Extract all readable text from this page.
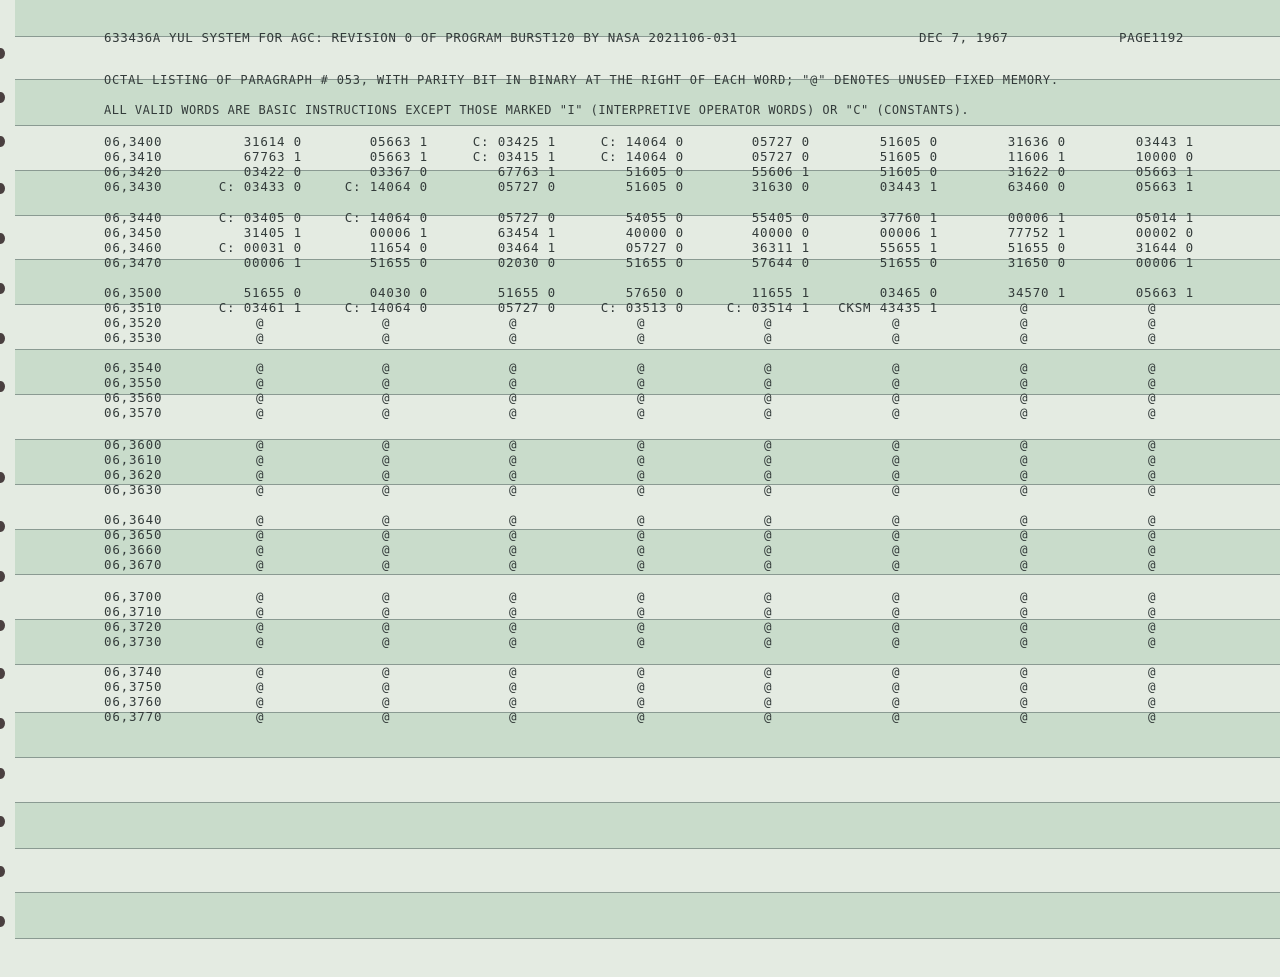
633436A YUL SYSTEM FOR AGC: REVISION 0 OF PROGRAM BURST120 BY NASA 2021106-031	DEC 7, 1967	PAGE1192
OCTAL LISTING OF PARAGRAPH # 053, WITH PARITY BIT IN BINARY AT THE RIGHT OF EACH WORD; "@" DENOTES UNUSED FIXED MEMORY.
ALL VALID WORDS ARE BASIC INSTRUCTIONS EXCEPT THOSE MARKED "I" (INTERPRETIVE OPERATOR WORDS) OR "C" (CONSTANTS).
06,3400	31614 0	05663 1	C: 03425 1	C: 14064 0	05727 0	51605 0	31636 0	03443 1
06,3410	67763 1	05663 1	C: 03415 1	C: 14064 0	05727 0	51605 0	11606 1	10000 0
06,3420	03422 0	03367 0	67763 1	51605 0	55606 1	51605 0	31622 0	05663 1
06,3430	C: 03433 0	C: 14064 0	05727 0	51605 0	31630 0	03443 1	63460 0	05663 1
06,3440	C: 03405 0	C: 14064 0	05727 0	54055 0	55405 0	37760 1	00006 1	05014 1
06,3450	31405 1	00006 1	63454 1	40000 0	40000 0	00006 1	77752 1	00002 0
06,3460	C: 00031 0	11654 0	03464 1	05727 0	36311 1	55655 1	51655 0	31644 0
06,3470	00006 1	51655 0	02030 0	51655 0	57644 0	51655 0	31650 0	00006 1
06,3500	51655 0	04030 0	51655 0	57650 0	11655 1	03465 0	34570 1	05663 1
06,3510	C: 03461 1	C: 14064 0	05727 0	C: 03513 0	C: 03514 1 CKSM 43435 1	@	@
06,3520	@	@	@	@	@	@	@	@
06,3530	@	@	@	@	@	@	@	@
06,3540	@	@	@	@	@	@	@	@
06,3550	@	@	@	@	@	@	@	@
06,3560	@	@	@	@	@	@	@	@
06,3570	@	@	@	@	@	@	@	@
06,3600	@	@	@	@	@	@	@	@
06,3610	@	@	@	@	@	@	@	@
06,3620	@	@	@	@	@	@	@	@
06,3630	@	@	@	@	@	@	@	@
06,3640	@	@	@	@	@	@	@	@
06,3650	@	@	@	@	@	@	@	@
06,3660	@	@	@	@	@	@	@	@
06,3670	@	@	@	@	@	@	@	@
06,3700	@	@	@	@	@	@	@	@
06,3710	@	@	@	@	@	@	@	@
06,3720	@	@	@	@	@	@	@	@
06,3730	@	@	@	@	@	@	@	@
06,3740	@	@	@	@	@	@	@	@
06,3750	@	@	@	@	@	@	@	@
06,3760	@	@	@	@	@	@	@	@
06,3770	@	@	@	@	@	@	@	@
